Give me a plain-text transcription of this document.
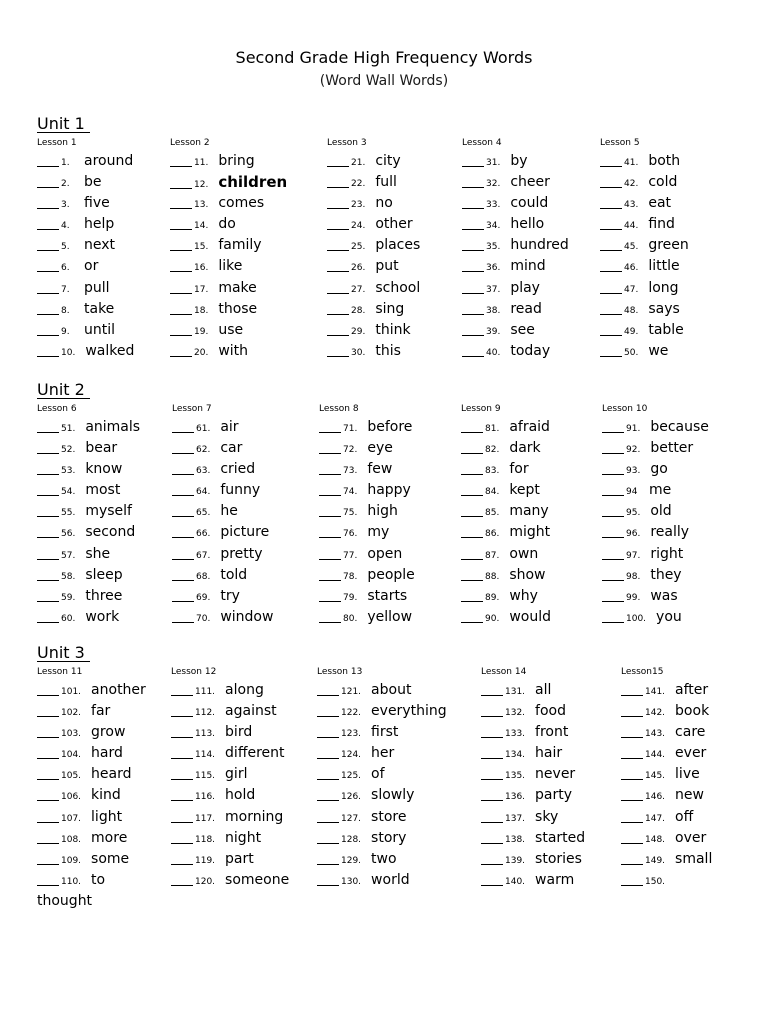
Second Grade High Frequency Words
(Word Wall Words)
Unit 1
Lesson 1
1. around
2. be
3. five
4. help
5. next
6. or
7. pull
8. take
9. until
10. walked
Lesson 2
11. bring
12. children
13. comes
14. do
15. family
16. like
17. make
18. those
19. use
20. with
Lesson 3
21. city
22. full
23. no
24. other
25. places
26. put
27. school
28. sing
29. think
30. this
Lesson 4
31. by
32. cheer
33. could
34. hello
35. hundred
36. mind
37. play
38. read
39. see
40. today
Lesson 5
41. both
42. cold
43. eat
44. find
45. green
46. little
47. long
48. says
49. table
50. we
Unit 2
Lesson 6
51. animals
52. bear
53. know
54. most
55. myself
56. second
57. she
58. sleep
59. three
60. work
Lesson 7
61. air
62. car
63. cried
64. funny
65. he
66. picture
67. pretty
68. told
69. try
70. window
Lesson 8
71. before
72. eye
73. few
74. happy
75. high
76. my
77. open
78. people
79. starts
80. yellow
Lesson 9
81. afraid
82. dark
83. for
84. kept
85. many
86. might
87. own
88. show
89. why
90. would
Lesson 10
91. because
92. better
93. go
94 me
95. old
96. really
97. right
98. they
99. was
100. you
Unit 3
Lesson 11
101. another
102. far
103. grow
104. hard
105. heard
106. kind
107. light
108. more
109. some
110. to
Lesson 12
111. along
112. against
113. bird
114. different
115. girl
116. hold
117. morning
118. night
119. part
120. someone
Lesson 13
121. about
122. everything
123. first
124. her
125. of
126. slowly
127. store
128. story
129. two
130. world
Lesson 14
131. all
132. food
133. front
134. hair
135. never
136. party
137. sky
138. started
139. stories
140. warm
Lesson15
141. after
142. book
143. care
144. ever
145. live
146. new
147. off
148. over
149. small
150.
thought
